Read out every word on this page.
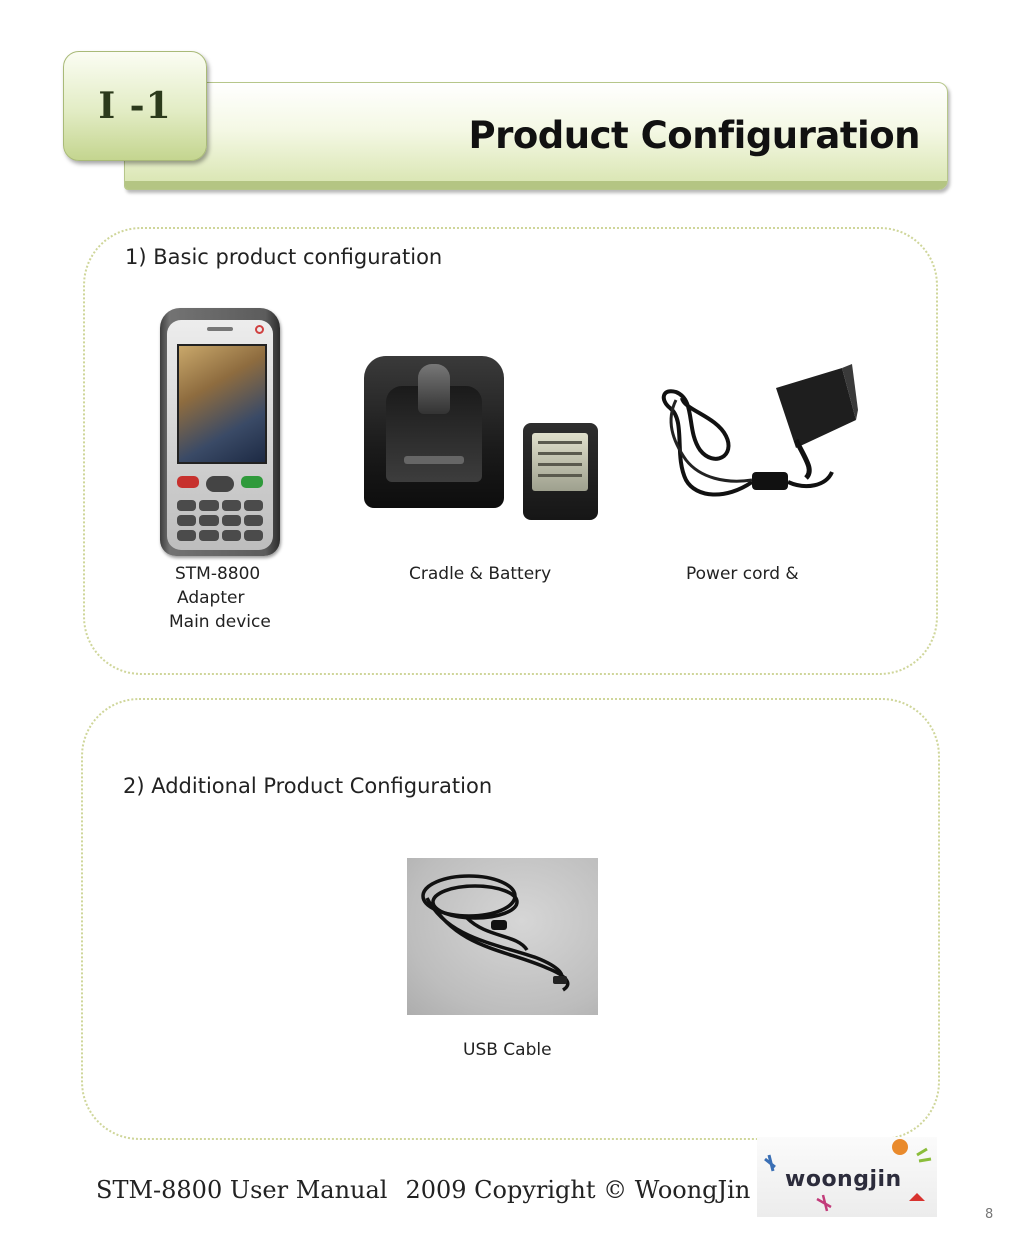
I -1
Product Configuration
1) Basic product configuration
STM-8800	Cradle & Battery	Power cord &
Adapter
Main device
2) Additional Product Configuration
USB Cable
STM-8800 User Manual 2009 Copyright © WoongJin woongjin
8
